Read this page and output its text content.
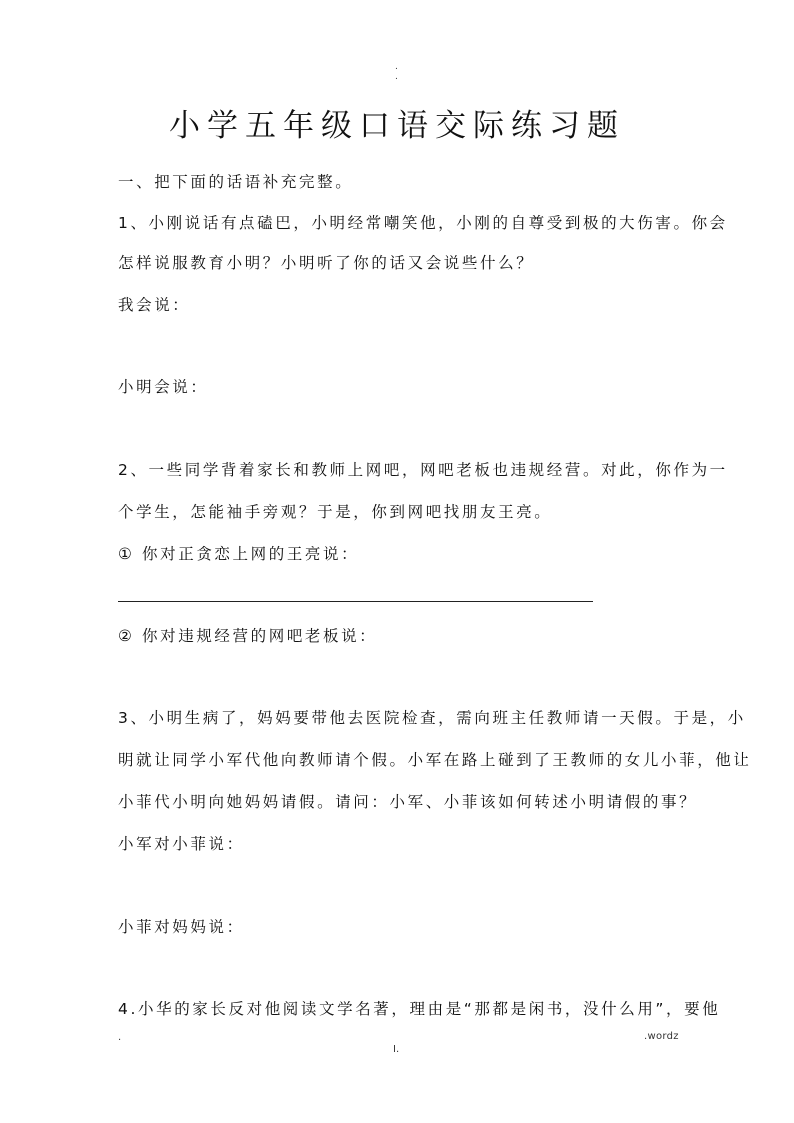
.
.
小学五年级口语交际练习题
一、把下面的话语补充完整。
1、小刚说话有点磕巴，小明经常嘲笑他，小刚的自尊受到极的大伤害。你会
怎样说服教育小明？小明听了你的话又会说些什么？
我会说：
小明会说：
2、一些同学背着家长和教师上网吧，网吧老板也违规经营。对此，你作为一
个学生，怎能袖手旁观？于是，你到网吧找朋友王亮。
① 你对正贪恋上网的王亮说：
② 你对违规经营的网吧老板说：
3、小明生病了，妈妈要带他去医院检查，需向班主任教师请一天假。于是，小
明就让同学小军代他向教师请个假。小军在路上碰到了王教师的女儿小菲，他让
小菲代小明向她妈妈请假。请问：小军、小菲该如何转述小明请假的事？
小军对小菲说：
小菲对妈妈说：
4.小华的家长反对他阅读文学名著，理由是“那都是闲书，没什么用”，要他
.	.wordz
I.
